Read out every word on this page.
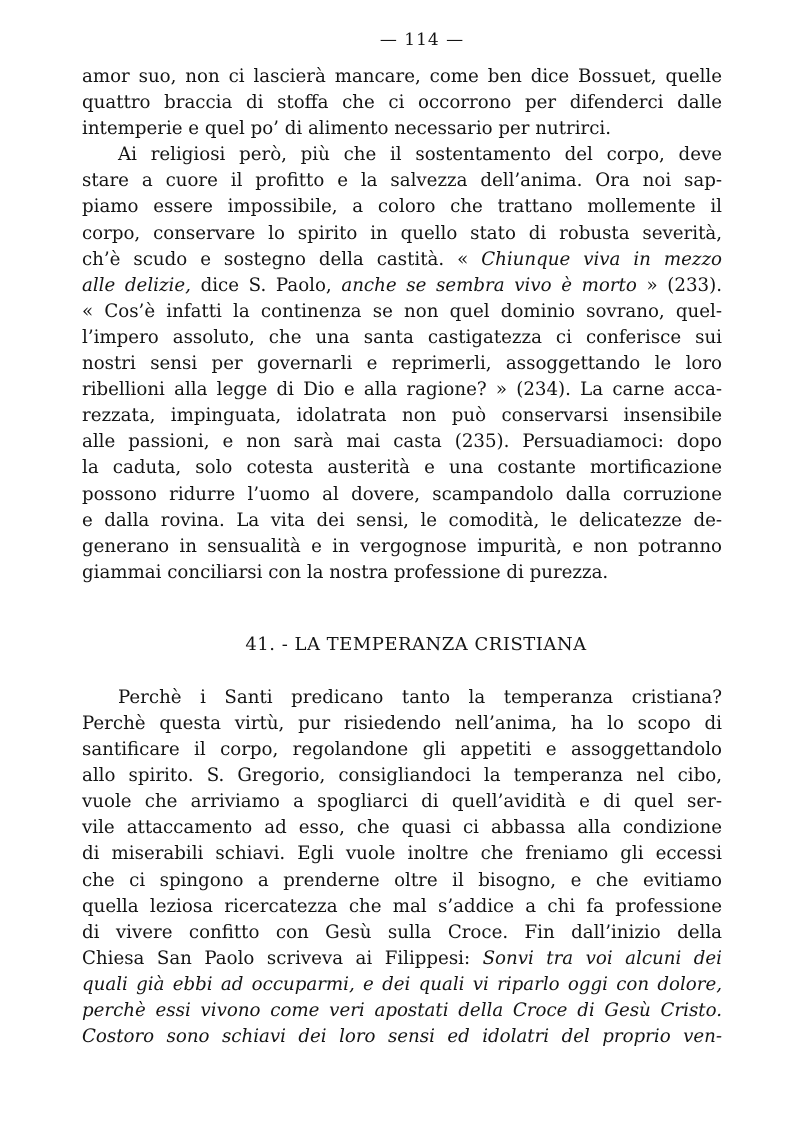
— 114 —

amor suo, non ci lascierà mancare, come ben dice Bossuet, quelle
quattro braccia di stoffa che ci occorrono per difenderci dalle
intemperie e quel po’ di alimento necessario per nutrirci.

Ai religiosi però, più che il sostentamento del corpo, deve
stare a cuore il profitto e la salvezza dell’anima. Ora noi sap-
piamo essere impossibile, a coloro che trattano mollemente il
corpo, conservare lo spirito in quello stato di robusta severità,
ch’è scudo e sostegno della castità. « Chiunque viva in mezzo
alle delizie, dice S. Paolo, anche se sembra vivo è morto » (233).
« Cos’è infatti la continenza se non quel dominio sovrano, quel-
l’impero assoluto, che una santa castigatezza ci conferisce sui
nostri sensi per governarli e reprimerli, assoggettando le loro
ribellioni alla legge di Dio e alla ragione? » (234). La carne acca-
rezzata, impinguata, idolatrata non può conservarsi insensibile
alle passioni, e non sarà mai casta (235). Persuadiamoci: dopo
la caduta, solo cotesta austerità e una costante mortificazione
possono ridurre l’uomo al dovere, scampandolo dalla corruzione
e dalla rovina. La vita dei sensi, le comodità, le delicatezze de-
generano in sensualità e in vergognose impurità, e non potranno
giammai conciliarsi con la nostra professione di purezza.

41. - LA TEMPERANZA CRISTIANA

Perchè i Santi predicano tanto la temperanza cristiana?
Perchè questa virtù, pur risiedendo nell’anima, ha lo scopo di
santificare il corpo, regolandone gli appetiti e assoggettandolo
allo spirito. S. Gregorio, consigliandoci la temperanza nel cibo,
vuole che arriviamo a spogliarci di quell’avidità e di quel ser-
vile attaccamento ad esso, che quasi ci abbassa alla condizione
di miserabili schiavi. Egli vuole inoltre che freniamo gli eccessi
che ci spingono a prenderne oltre il bisogno, e che evitiamo
quella leziosa ricercatezza che mal s’addice a chi fa professione
di vivere confitto con Gesù sulla Croce. Fin dall’inizio della
Chiesa San Paolo scriveva ai Filippesi: Sonvi tra voi alcuni dei
quali già ebbi ad occuparmi, e dei quali vi riparlo oggi con dolore,
perchè essi vivono come veri apostati della Croce di Gesù Cristo.
Costoro sono schiavi dei loro sensi ed idolatri del proprio ven-
